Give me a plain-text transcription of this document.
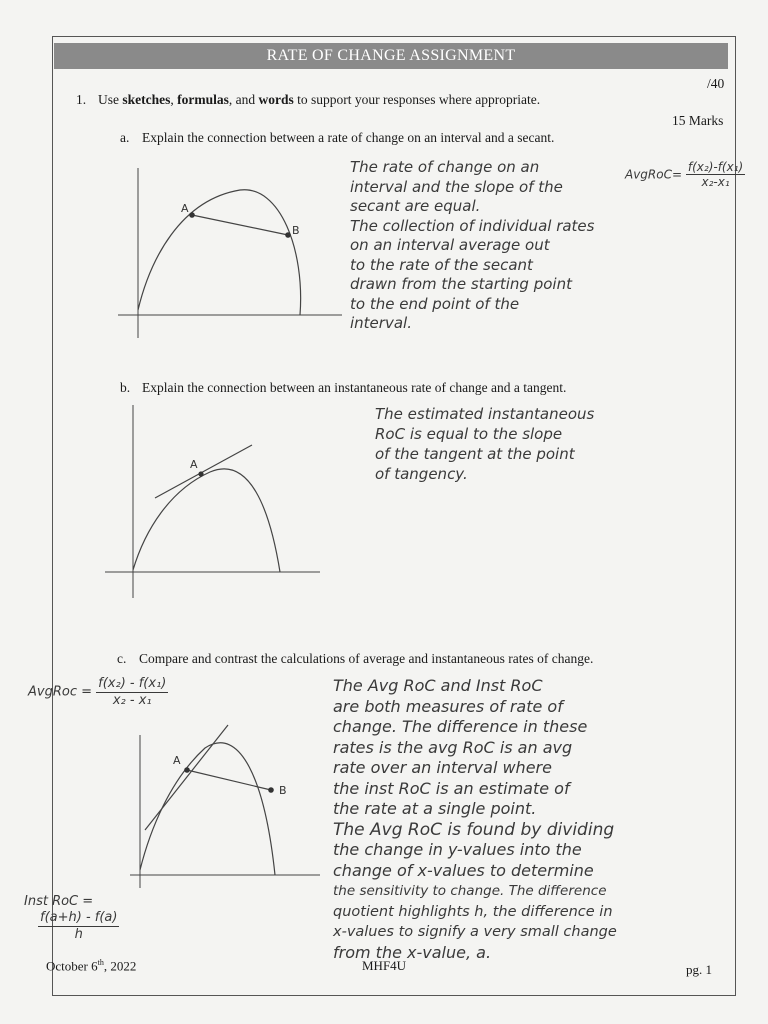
RATE OF CHANGE ASSIGNMENT
/40
1. Use sketches, formulas, and words to support your responses where appropriate.
15 Marks
a. Explain the connection between a rate of change on an interval and a secant.
A
B
The rate of change on an
interval and the slope of the
secant are equal.
The collection of individual rates
on an interval average out
to the rate of the secant
drawn from the starting point
to the end point of the
interval.
AvgRoC= $\frac{\text{f(x₂)-f(x₁)}}{\text{x₂-x₁}}$
b. Explain the connection between an instantaneous rate of change and a tangent.
A
The estimated instantaneous
RoC is equal to the slope
of the tangent at the point
of tangency.
c. Compare and contrast the calculations of average and instantaneous rates of change.
AvgRoc = $\frac{\text{f(x₂) - f(x₁)}}{\text{x₂ - x₁}}$
A
B
The Avg RoC and Inst RoC
are both measures of rate of
change. The difference in these
rates is the avg RoC is an avg
rate over an interval where
the inst RoC is an estimate of
the rate at a single point.
The Avg RoC is found by dividing
the change in y-values into the
change of x-values to determine
the sensitivity to change. The difference
quotient highlights h, the difference in
x-values to signify a very small change
from the x-value, a.
Inst RoC =
$\frac{f(a+h) - f(a)}{h}$
October 6th, 2022	MHF4U	pg. 1
